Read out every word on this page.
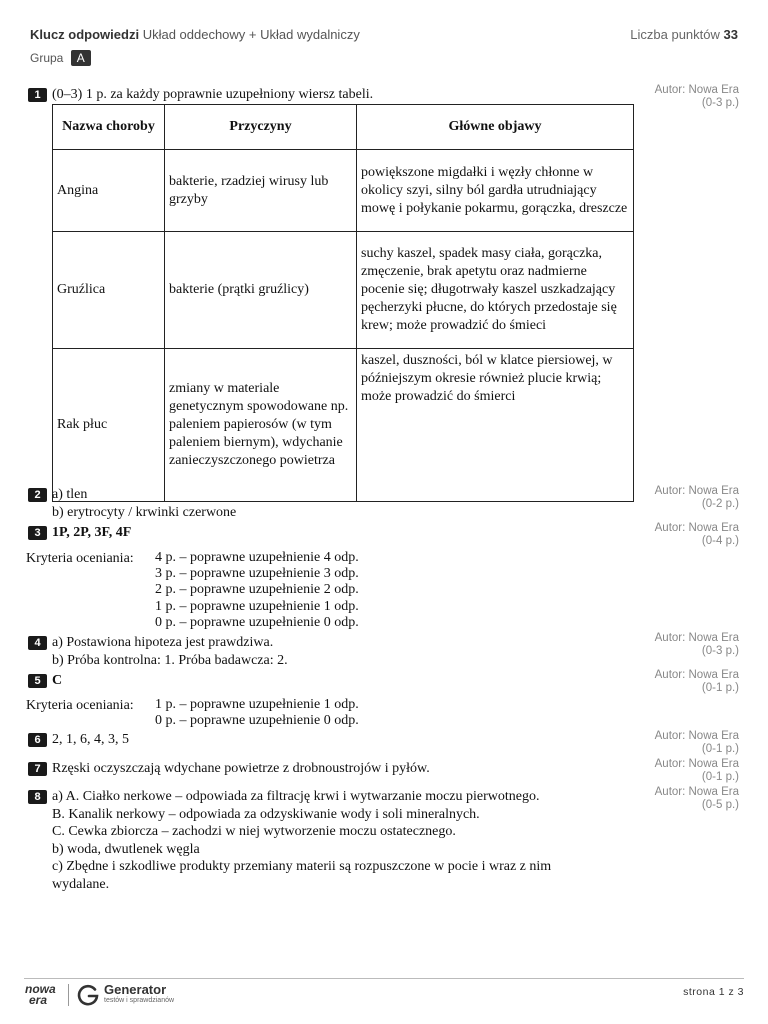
Klucz odpowiedzi Układ oddechowy + Układ wydalniczy	Liczba punktów 33
Grupa A
1 (0–3) 1 p. za każdy poprawnie uzupełniony wiersz tabeli.	Autor: Nowa Era
(0-3 p.)
Nazwa choroby	Przyczyny	Główne objawy
Angina	bakterie, rzadziej wirusy lub grzyby	powiększone migdałki i węzły chłonne w okolicy szyi, silny ból gardła utrudniający mowę i połykanie pokarmu, gorączka, dreszcze
Gruźlica	bakterie (prątki gruźlicy)	suchy kaszel, spadek masy ciała, gorączka, zmęczenie, brak apetytu oraz nadmierne pocenie się; długotrwały kaszel uszkadzający pęcherzyki płucne, do których przedostaje się krew; może prowadzić do śmieci
Rak płuc	zmiany w materiale genetycznym spowodowane np. paleniem papierosów (w tym paleniem biernym), wdychanie zanieczyszczonego powietrza	kaszel, duszności, ból w klatce piersiowej, w późniejszym okresie również plucie krwią; może prowadzić do śmierci
2 a) tlen
b) erytrocyty / krwinki czerwone
Autor: Nowa Era
(0-2 p.)
3 1P, 2P, 3F, 4F	Autor: Nowa Era
(0-4 p.)
Kryteria oceniania: 4 p. – poprawne uzupełnienie 4 odp.
3 p. – poprawne uzupełnienie 3 odp.
2 p. – poprawne uzupełnienie 2 odp.
1 p. – poprawne uzupełnienie 1 odp.
0 p. – poprawne uzupełnienie 0 odp.
4 a) Postawiona hipoteza jest prawdziwa.
b) Próba kontrolna: 1. Próba badawcza: 2.
Autor: Nowa Era
(0-3 p.)
5 C	Autor: Nowa Era
(0-1 p.)
Kryteria oceniania: 1 p. – poprawne uzupełnienie 1 odp.
0 p. – poprawne uzupełnienie 0 odp.
6 2, 1, 6, 4, 3, 5	Autor: Nowa Era
(0-1 p.)
7 Rzęski oczyszczają wdychane powietrze z drobnoustrojów i pyłów.	Autor: Nowa Era
(0-1 p.)
8 a) A. Ciałko nerkowe – odpowiada za filtrację krwi i wytwarzanie moczu pierwotnego.
B. Kanalik nerkowy – odpowiada za odzyskiwanie wody i soli mineralnych.
C. Cewka zbiorcza – zachodzi w niej wytworzenie moczu ostatecznego.
b) woda, dwutlenek węgla
c) Zbędne i szkodliwe produkty przemiany materii są rozpuszczone w pocie i wraz z nim
wydalane.
Autor: Nowa Era
(0-5 p.)
nowa
era
Generator
testów i sprawdzianów
strona 1 z 3
